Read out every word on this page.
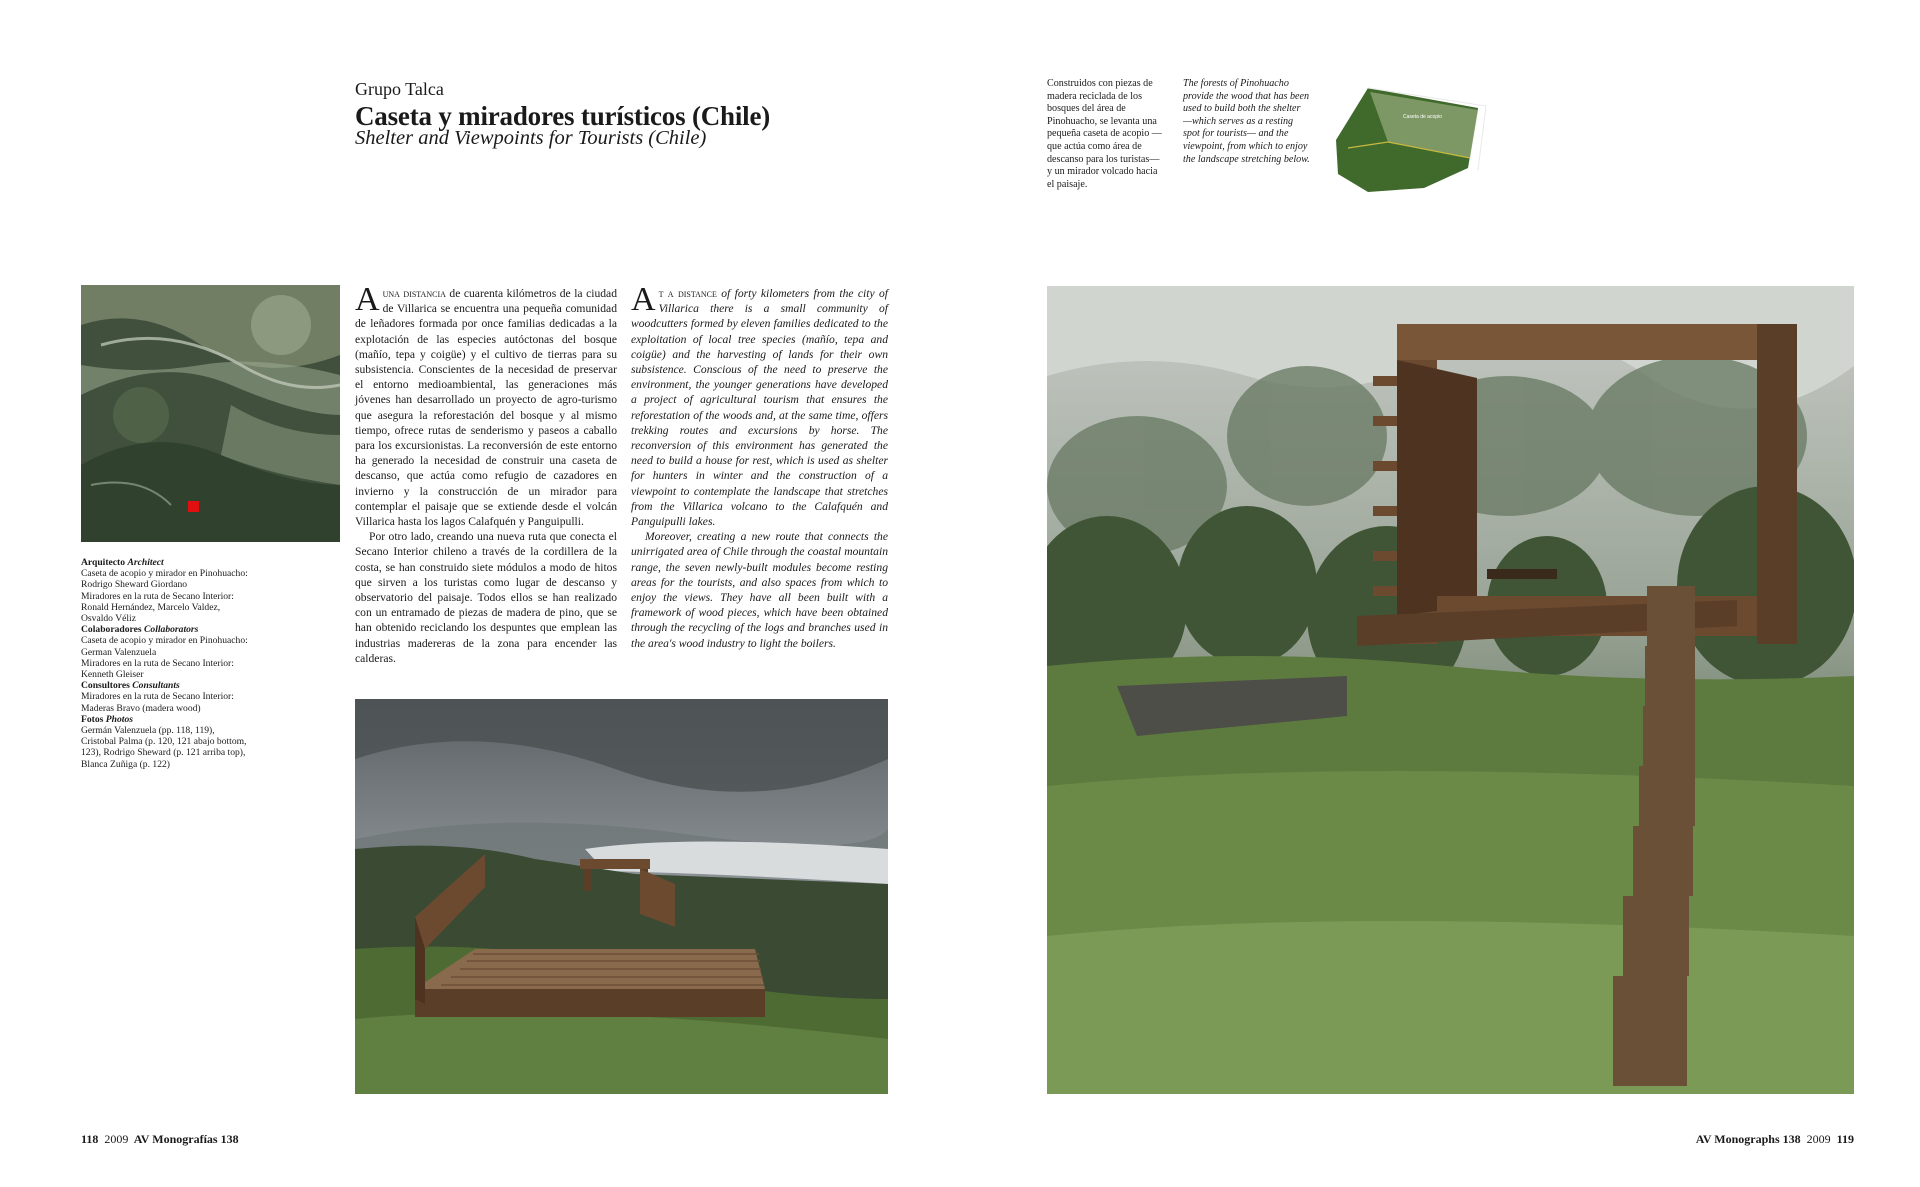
Grupo Talca
Caseta y miradores turísticos (Chile)
Shelter and Viewpoints for Tourists (Chile)
Arquitecto Architect
Caseta de acopio y mirador en Pinohuacho:
Rodrigo Sheward Giordano
Miradores en la ruta de Secano Interior:
Ronald Hernández, Marcelo Valdez,
Osvaldo Véliz
Colaboradores Collaborators
Caseta de acopio y mirador en Pinohuacho:
German Valenzuela
Miradores en la ruta de Secano Interior:
Kenneth Gleiser
Consultores Consultants
Miradores en la ruta de Secano Interior:
Maderas Bravo (madera wood)
Fotos Photos
Germán Valenzuela (pp. 118, 119),
Cristobal Palma (p. 120, 121 abajo bottom,
123), Rodrigo Sheward (p. 121 arriba top),
Blanca Zuñiga (p. 122)

Auna distancia de cuarenta kilómetros de la ciudad de Villarica se encuentra una pequeña comunidad de leñadores formada por once familias dedicadas a la explotación de las especies autóctonas del bosque (mañío, tepa y coigüe) y el cultivo de tierras para su subsistencia. Conscientes de la necesidad de preservar el entorno medioambiental, las generaciones más jóvenes han desarrollado un proyecto de agro-turismo que asegura la reforestación del bosque y al mismo tiempo, ofrece rutas de senderismo y paseos a caballo para los excursionistas. La reconversión de este entorno ha generado la necesidad de construir una caseta de descanso, que actúa como refugio de cazadores en invierno y la construcción de un mirador para contemplar el paisaje que se extiende desde el volcán Villarica hasta los lagos Calafquén y Panguipulli.

Por otro lado, creando una nueva ruta que conecta el Secano Interior chileno a través de la cordillera de la costa, se han construido siete módulos a modo de hitos que sirven a los turistas como lugar de descanso y observatorio del paisaje. Todos ellos se han realizado con un entramado de piezas de madera de pino, que se han obtenido reciclando los despuntes que emplean las industrias madereras de la zona para encender las calderas.

At a distance of forty kilometers from the city of Villarica there is a small community of woodcutters formed by eleven families dedicated to the exploitation of local tree species (mañío, tepa and coigüe) and the harvesting of lands for their own subsistence. Conscious of the need to preserve the environment, the younger generations have developed a project of agricultural tourism that ensures the reforestation of the woods and, at the same time, offers trekking routes and excursions by horse. The reconversion of this environment has generated the need to build a house for rest, which is used as shelter for hunters in winter and the construction of a viewpoint to contemplate the landscape that stretches from the Villarica volcano to the Calafquén and Panguipulli lakes.

Moreover, creating a new route that connects the unirrigated area of Chile through the coastal mountain range, the seven newly-built modules become resting areas for the tourists, and also spaces from which to enjoy the views. They have all been built with a framework of wood pieces, which have been obtained through the recycling of the logs and branches used in the area's wood industry to light the boilers.

Construidos con piezas de madera reciclada de los bosques del área de Pinohuacho, se levanta una pequeña caseta de acopio —que actúa como área de descanso para los turistas— y un mirador volcado hacia el paisaje.
The forests of Pinohuacho provide the wood that has been used to build both the shelter —which serves as a resting spot for tourists— and the viewpoint, from which to enjoy the landscape stretching below.
Caseta de acopio
Mirador
118 2009 AV Monografías 138	AV Monographs 138 2009 119
